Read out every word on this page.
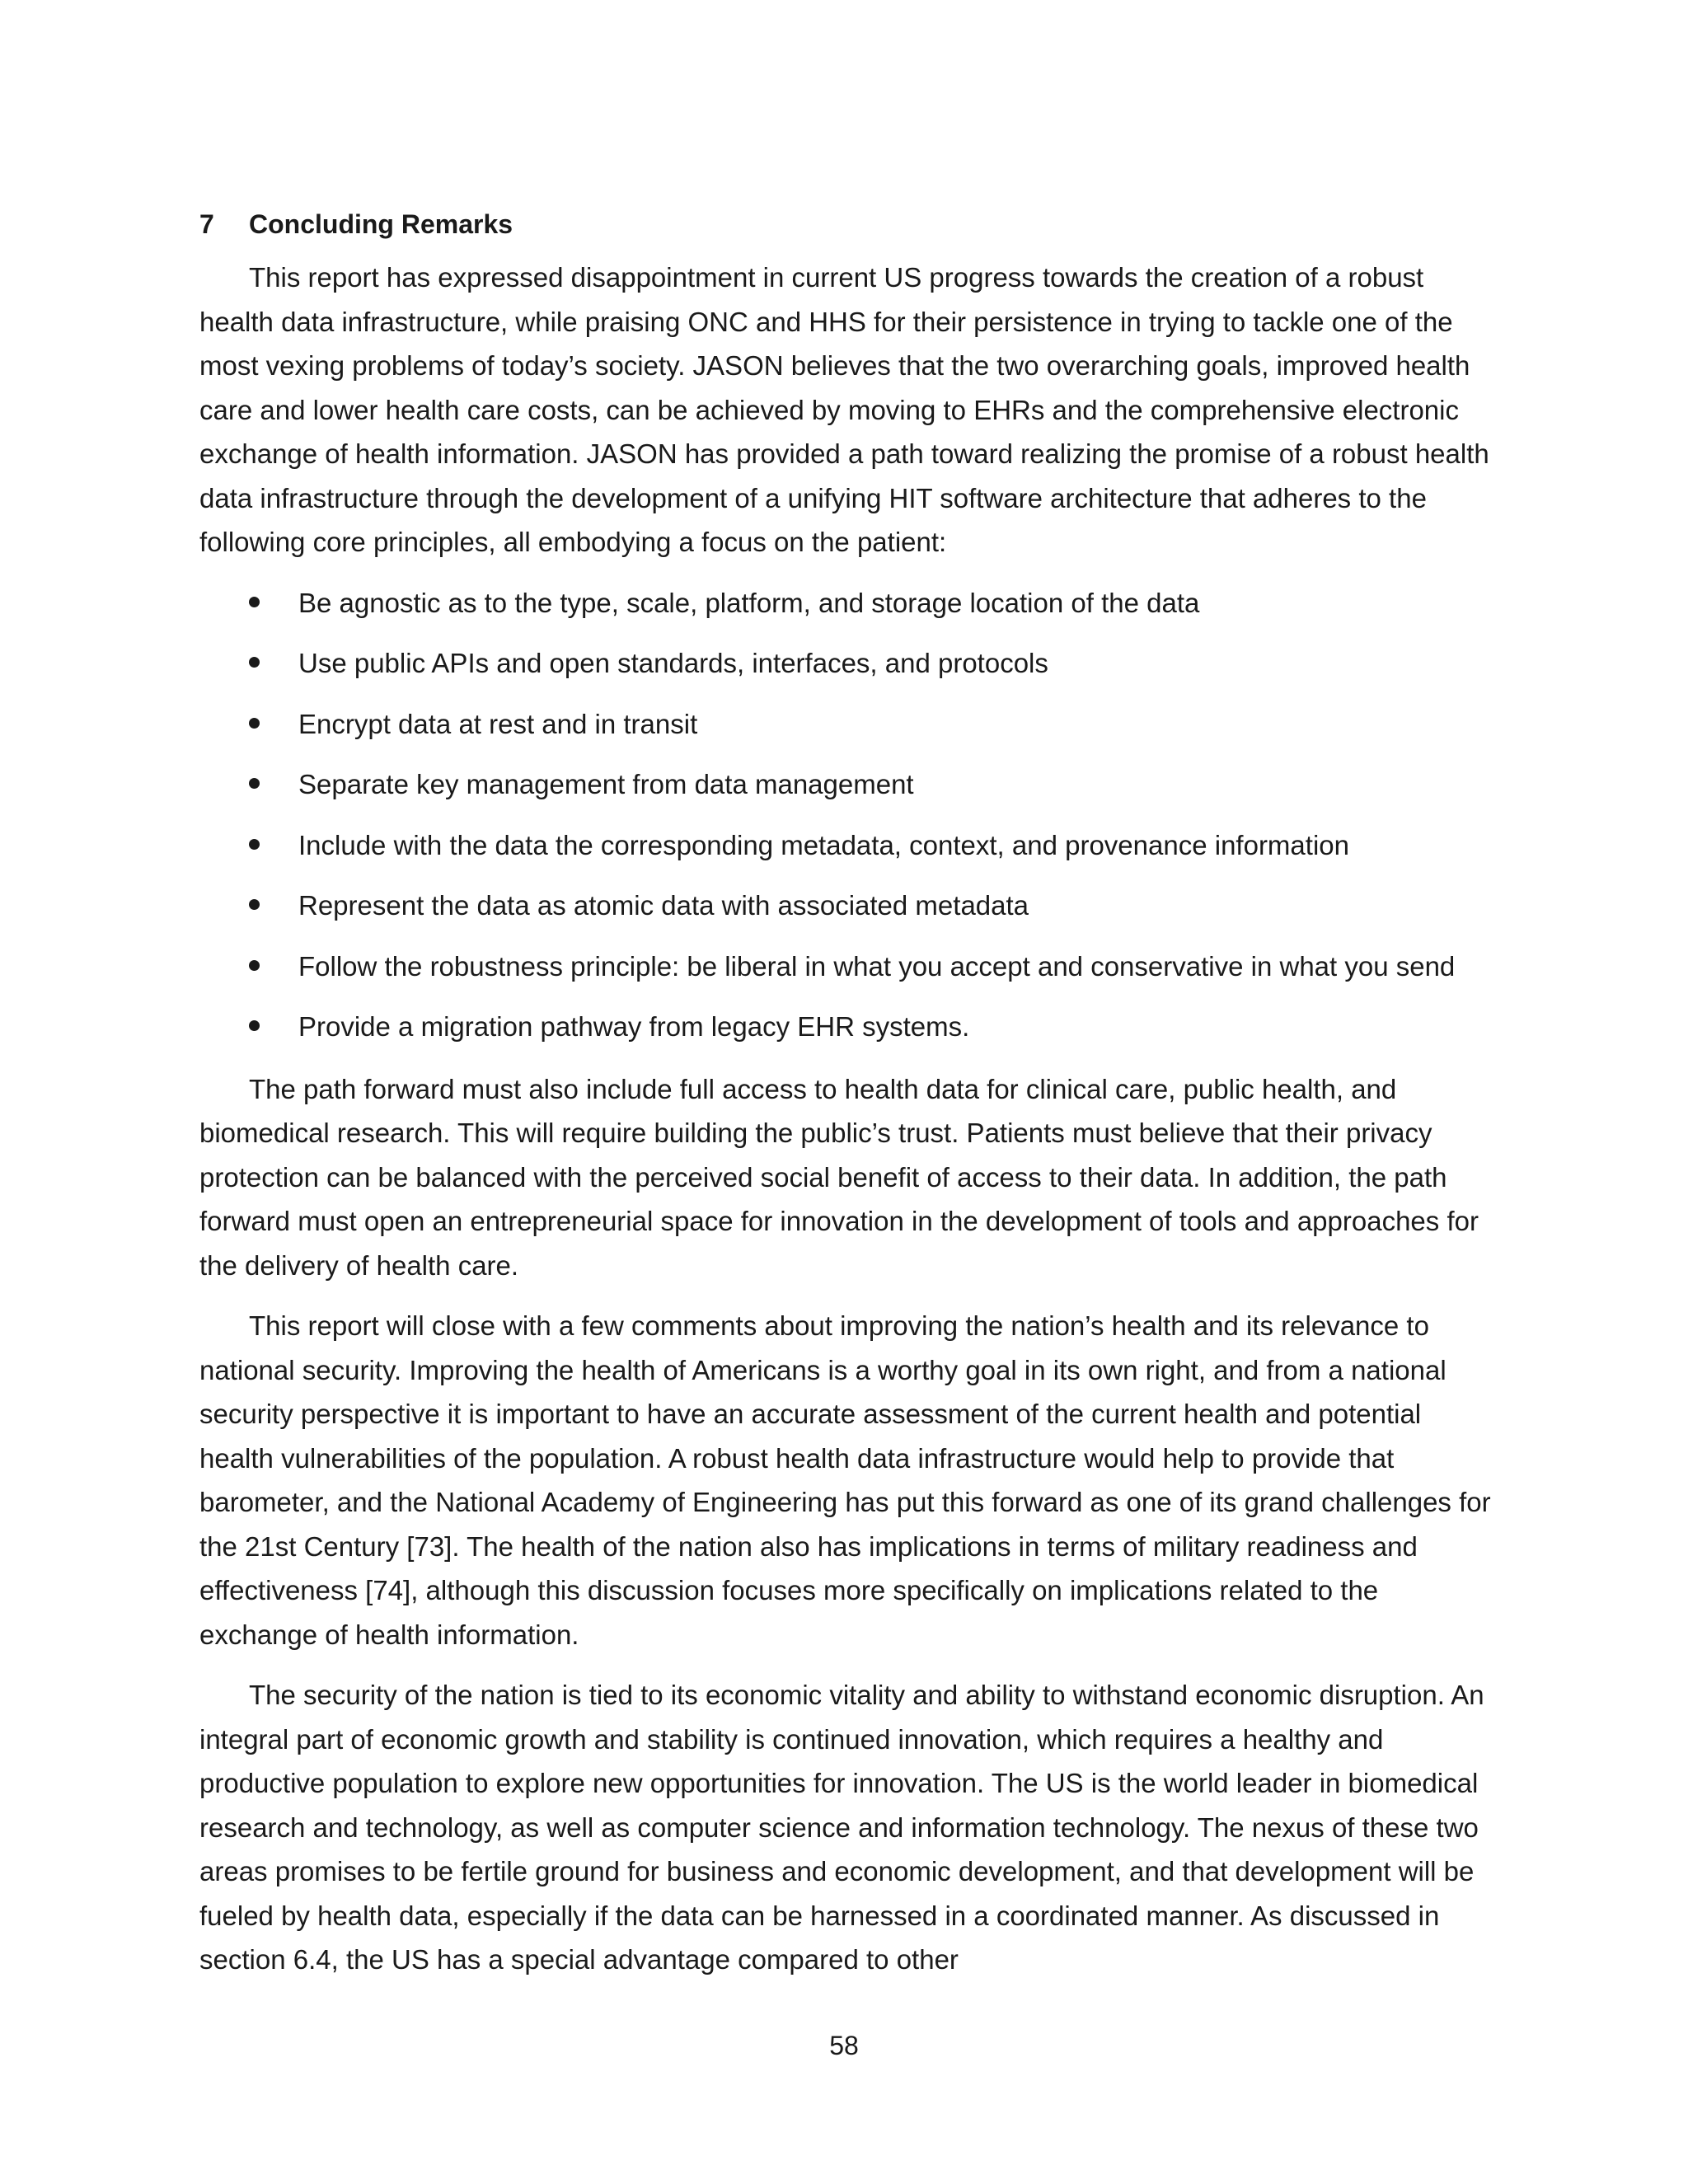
7	Concluding Remarks

This report has expressed disappointment in current US progress towards the creation of a robust health data infrastructure, while praising ONC and HHS for their persistence in trying to tackle one of the most vexing problems of today’s society. JASON believes that the two overarching goals, improved health care and lower health care costs, can be achieved by moving to EHRs and the comprehensive electronic exchange of health information. JASON has provided a path toward realizing the promise of a robust health data infrastructure through the development of a unifying HIT software architecture that adheres to the following core principles, all embodying a focus on the patient:

Be agnostic as to the type, scale, platform, and storage location of the data
Use public APIs and open standards, interfaces, and protocols
Encrypt data at rest and in transit
Separate key management from data management
Include with the data the corresponding metadata, context, and provenance information
Represent the data as atomic data with associated metadata
Follow the robustness principle: be liberal in what you accept and conservative in what you send
Provide a migration pathway from legacy EHR systems.

The path forward must also include full access to health data for clinical care, public health, and biomedical research. This will require building the public’s trust. Patients must believe that their privacy protection can be balanced with the perceived social benefit of access to their data. In addition, the path forward must open an entrepreneurial space for innovation in the development of tools and approaches for the delivery of health care.

This report will close with a few comments about improving the nation’s health and its relevance to national security. Improving the health of Americans is a worthy goal in its own right, and from a national security perspective it is important to have an accurate assessment of the current health and potential health vulnerabilities of the population. A robust health data infrastructure would help to provide that barometer, and the National Academy of Engineering has put this forward as one of its grand challenges for the 21st Century [73]. The health of the nation also has implications in terms of military readiness and effectiveness [74], although this discussion focuses more specifically on implications related to the exchange of health information.

The security of the nation is tied to its economic vitality and ability to withstand economic disruption. An integral part of economic growth and stability is continued innovation, which requires a healthy and productive population to explore new opportunities for innovation. The US is the world leader in biomedical research and technology, as well as computer science and information technology. The nexus of these two areas promises to be fertile ground for business and economic development, and that development will be fueled by health data, especially if the data can be harnessed in a coordinated manner. As discussed in section 6.4, the US has a special advantage compared to other

58
